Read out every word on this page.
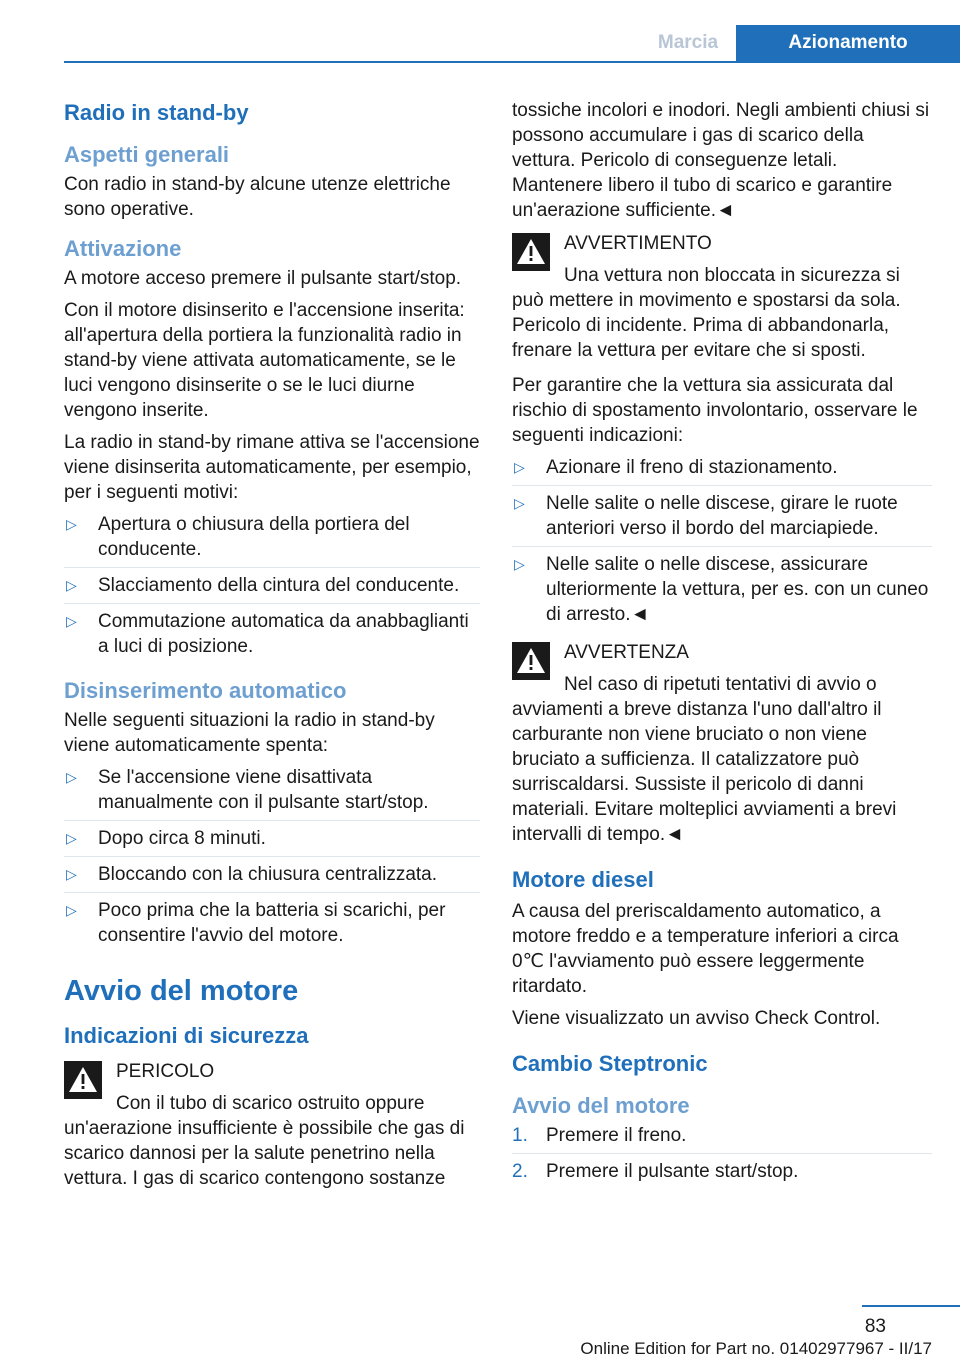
Marcia	Azionamento
Radio in stand-by
Aspetti generali

Con radio in stand-by alcune utenze elettriche sono operative.

Attivazione

A motore acceso premere il pulsante start/stop.

Con il motore disinserito e l'accensione inserita: all'apertura della portiera la funzionalità radio in stand-by viene attivata automaticamente, se le luci vengono disinserite o se le luci diurne vengono inserite.

La radio in stand-by rimane attiva se l'accensione viene disinserita automaticamente, per esempio, per i seguenti motivi:

▷ Apertura o chiusura della portiera del conducente.
▷ Slacciamento della cintura del conducente.
▷ Commutazione automatica da anabbaglianti a luci di posizione.
Disinserimento automatico

Nelle seguenti situazioni la radio in stand-by viene automaticamente spenta:

▷ Se l'accensione viene disattivata manualmente con il pulsante start/stop.
▷ Dopo circa 8 minuti.
▷ Bloccando con la chiusura centralizzata.
▷ Poco prima che la batteria si scarichi, per consentire l'avvio del motore.
Avvio del motore
Indicazioni di sicurezza
PERICOLO
Con il tubo di scarico ostruito oppure un'aerazione insufficiente è possibile che gas di scarico dannosi per la salute penetrino nella vettura. I gas di scarico contengono sostanze

tossiche incolori e inodori. Negli ambienti chiusi si possono accumulare i gas di scarico della vettura. Pericolo di conseguenze letali. Mantenere libero il tubo di scarico e garantire un'aerazione sufficiente.◄

AVVERTIMENTO
Una vettura non bloccata in sicurezza si può mettere in movimento e spostarsi da sola. Pericolo di incidente. Prima di abbandonarla, frenare la vettura per evitare che si sposti.

Per garantire che la vettura sia assicurata dal rischio di spostamento involontario, osservare le seguenti indicazioni:

▷ Azionare il freno di stazionamento.
▷ Nelle salite o nelle discese, girare le ruote anteriori verso il bordo del marciapiede.
▷ Nelle salite o nelle discese, assicurare ulteriormente la vettura, per es. con un cuneo di arresto.◄
AVVERTENZA
Nel caso di ripetuti tentativi di avvio o avviamenti a breve distanza l'uno dall'altro il carburante non viene bruciato o non viene bruciato a sufficienza. Il catalizzatore può surriscaldarsi. Sussiste il pericolo di danni materiali. Evitare molteplici avviamenti a brevi intervalli di tempo.◄
Motore diesel

A causa del preriscaldamento automatico, a motore freddo e a temperature inferiori a circa 0℃ l'avviamento può essere leggermente ritardato.

Viene visualizzato un avviso Check Control.

Cambio Steptronic
Avvio del motore
1. Premere il freno.
2. Premere il pulsante start/stop.
83
Online Edition for Part no. 01402977967 - II/17
